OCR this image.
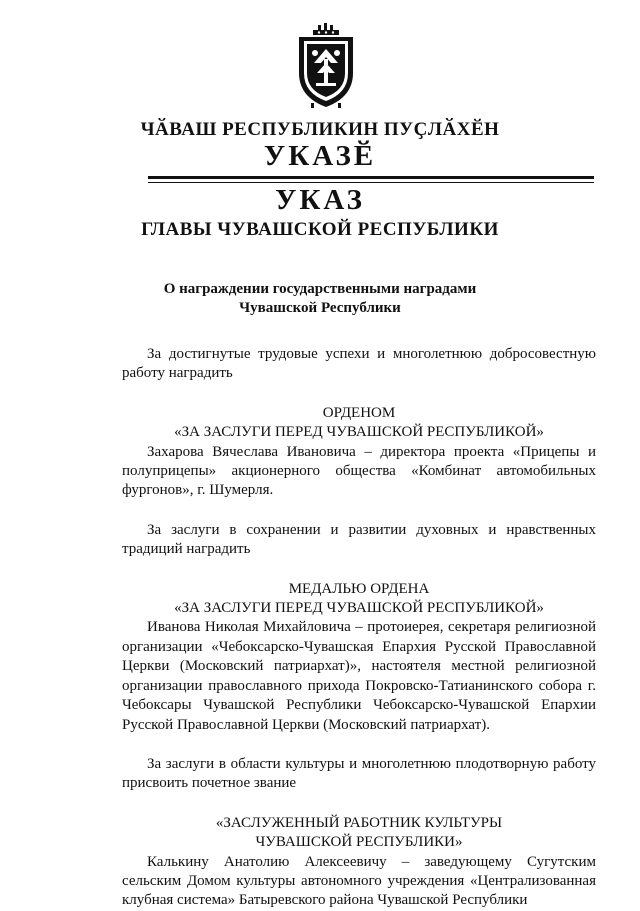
ЧӐВАШ РЕСПУБЛИКИН ПУҪЛӐХӖН
УКАЗӖ
УКАЗ
ГЛАВЫ ЧУВАШСКОЙ РЕСПУБЛИКИ
О награждении государственными наградами
Чувашской Республики

За достигнутые трудовые успехи и многолетнюю добросовестную работу наградить

ОРДЕНОМ

«ЗА ЗАСЛУГИ ПЕРЕД ЧУВАШСКОЙ РЕСПУБЛИКОЙ»

Захарова Вячеслава Ивановича – директора проекта «Прицепы и полуприцепы» акционерного общества «Комбинат автомобильных фургонов», г. Шумерля.

За заслуги в сохранении и развитии духовных и нравственных традиций наградить

МЕДАЛЬЮ ОРДЕНА

«ЗА ЗАСЛУГИ ПЕРЕД ЧУВАШСКОЙ РЕСПУБЛИКОЙ»

Иванова Николая Михайловича – протоиерея, секретаря религиозной организации «Чебоксарско-Чувашская Епархия Русской Православной Церкви (Московский патриархат)», настоятеля местной религиозной организации православного прихода Покровско-Татианинского собора г. Чебоксары Чувашской Республики Чебоксарско-Чувашской Епархии Русской Православной Церкви (Московский патриархат).

За заслуги в области культуры и многолетнюю плодотворную работу присвоить почетное звание

«ЗАСЛУЖЕННЫЙ РАБОТНИК КУЛЬТУРЫ

ЧУВАШСКОЙ РЕСПУБЛИКИ»

Калькину Анатолию Алексеевичу – заведующему Сугутским сельским Домом культуры автономного учреждения «Централизованная клубная система» Батыревского района Чувашской Республики
